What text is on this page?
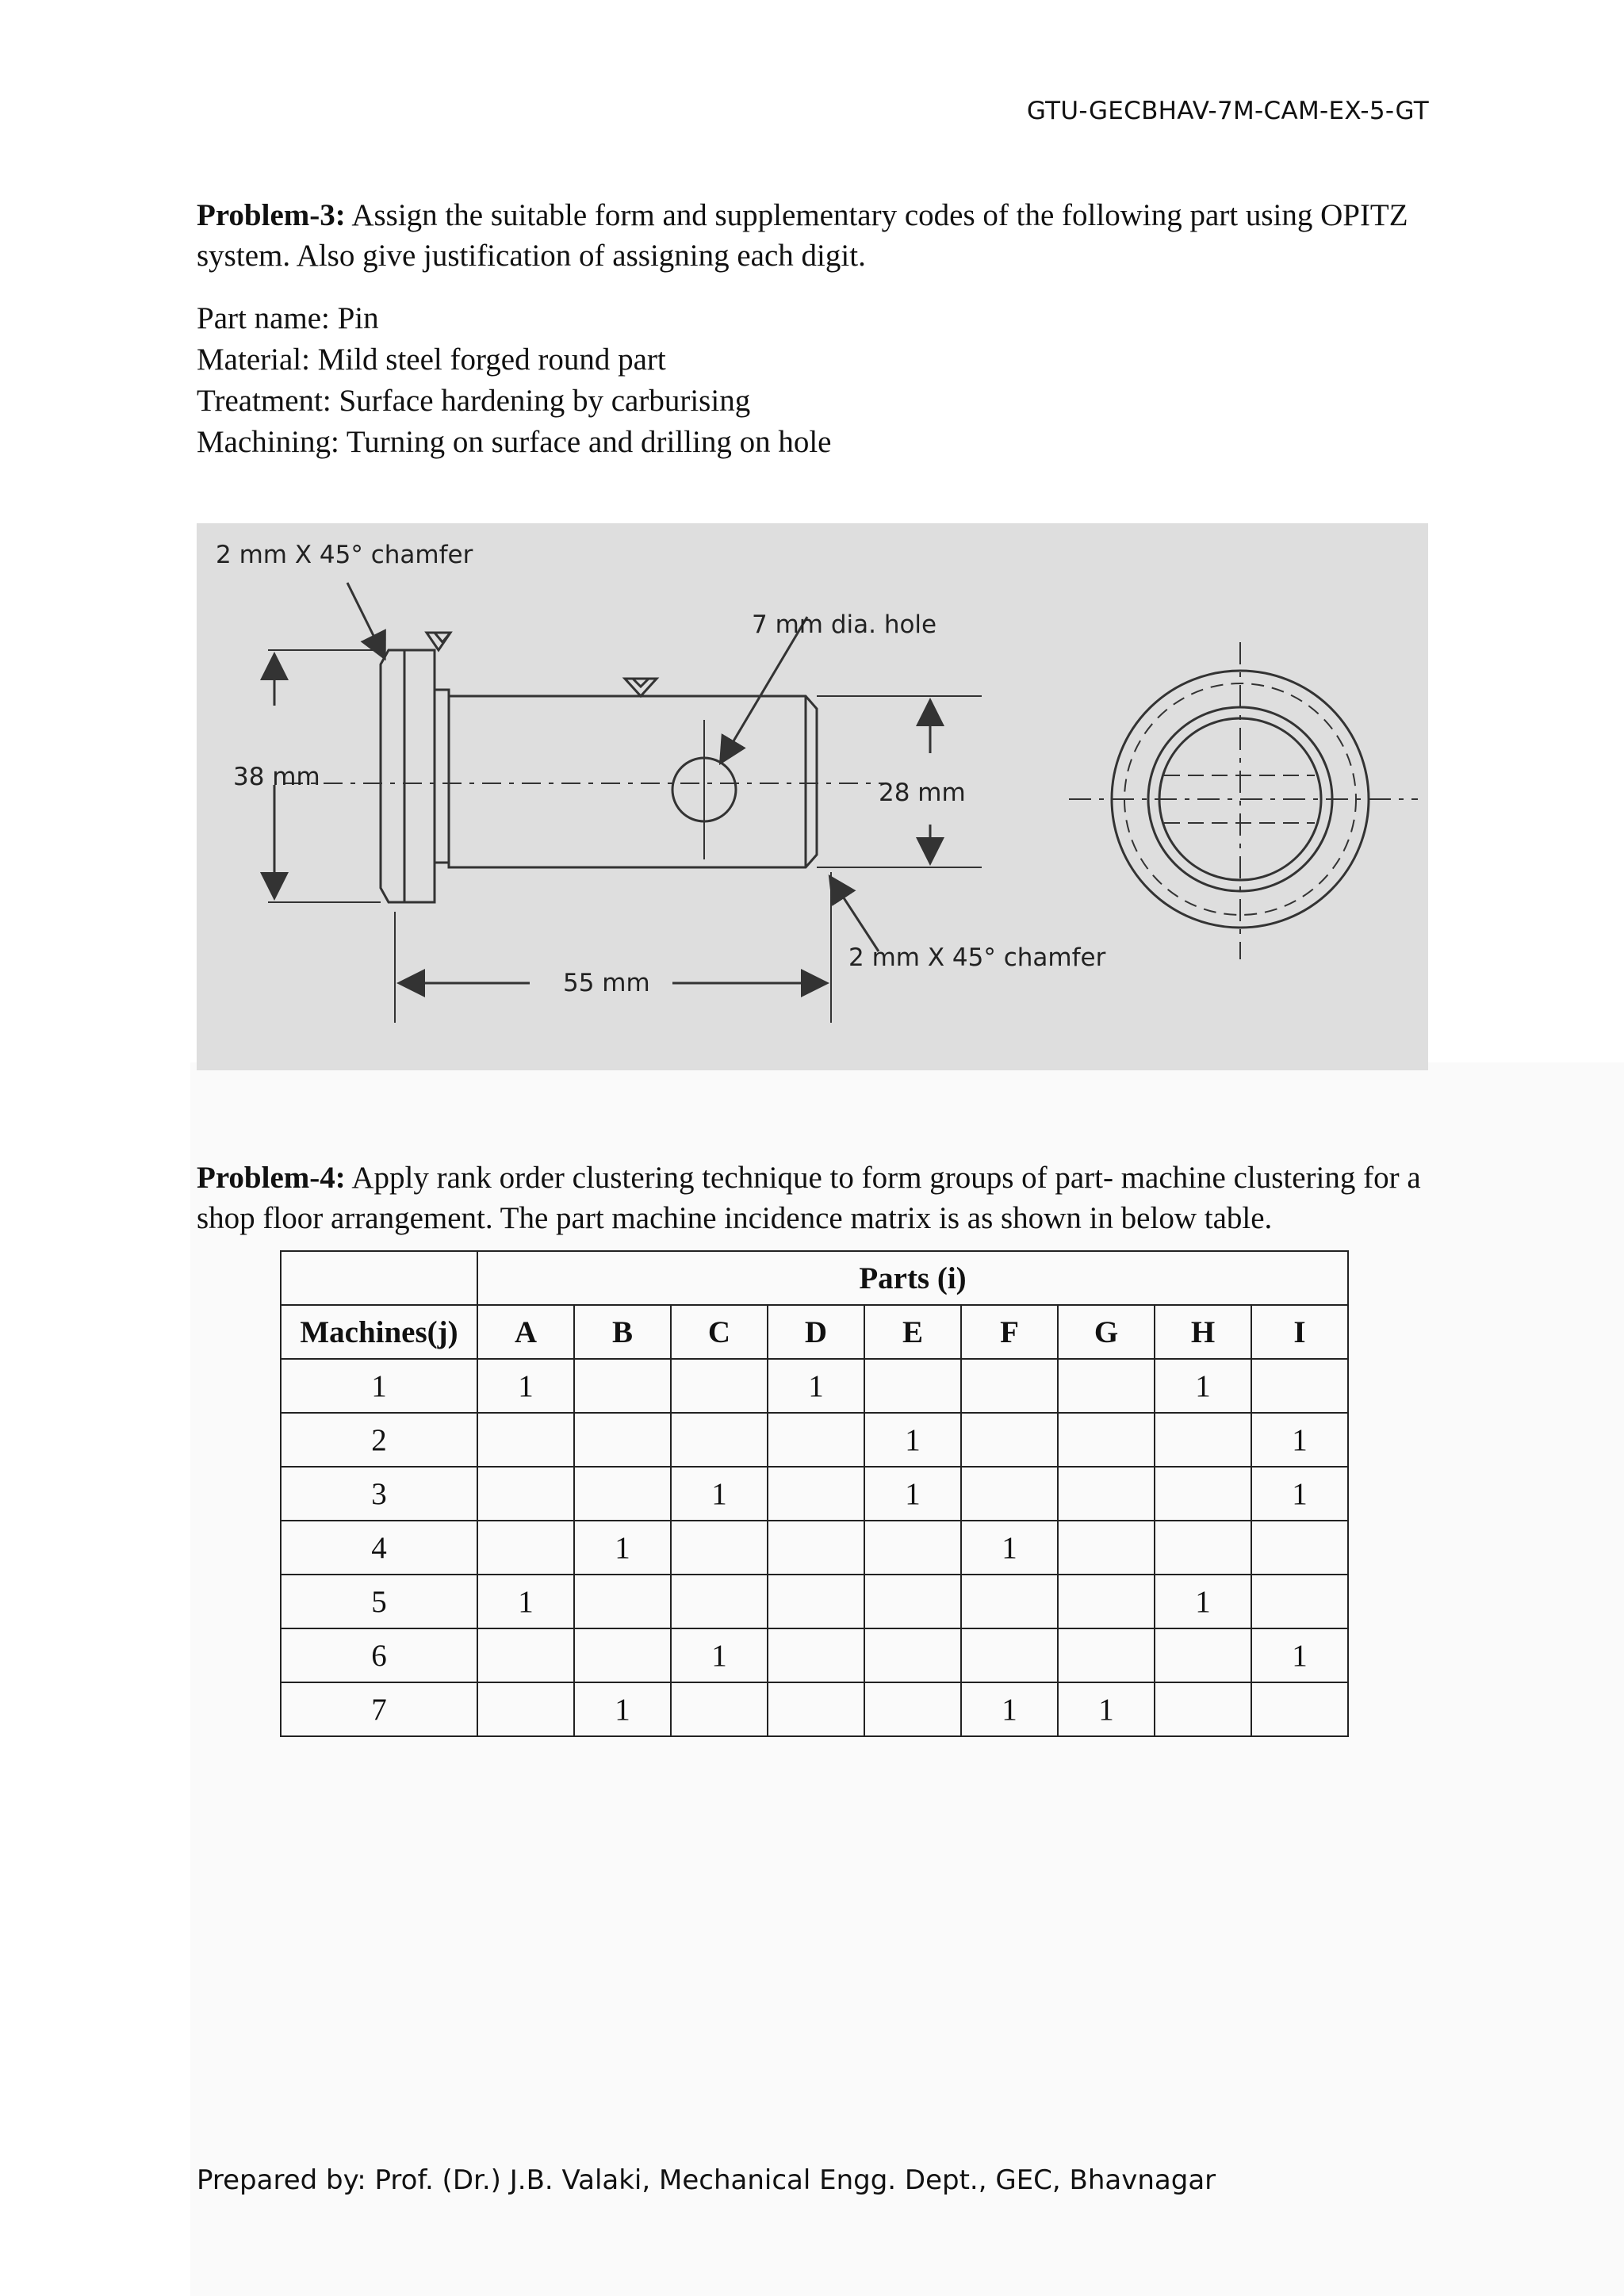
GTU-GECBHAV-7M-CAM-EX-5-GT
Problem-3: Assign the suitable form and supplementary codes of the following part using OPITZ system. Also give justification of assigning each digit.
Part name: Pin
Material: Mild steel forged round part
Treatment: Surface hardening by carburising
Machining: Turning on surface and drilling on hole
2 mm X 45° chamfer
7 mm dia. hole
38 mm
28 mm
2 mm X 45° chamfer
55 mm
Problem-4: Apply rank order clustering technique to form groups of part- machine clustering for a shop floor arrangement. The part machine incidence matrix is as shown in below table.
	Parts (i)								
Machines(j)	A	B	C	D	E	F	G	H	I
1	1			1				1	
2					1				1
3			1		1				1
4		1				1			
5	1							1	
6			1						1
7		1				1	1		
Prepared by: Prof. (Dr.) J.B. Valaki, Mechanical Engg. Dept., GEC, Bhavnagar
